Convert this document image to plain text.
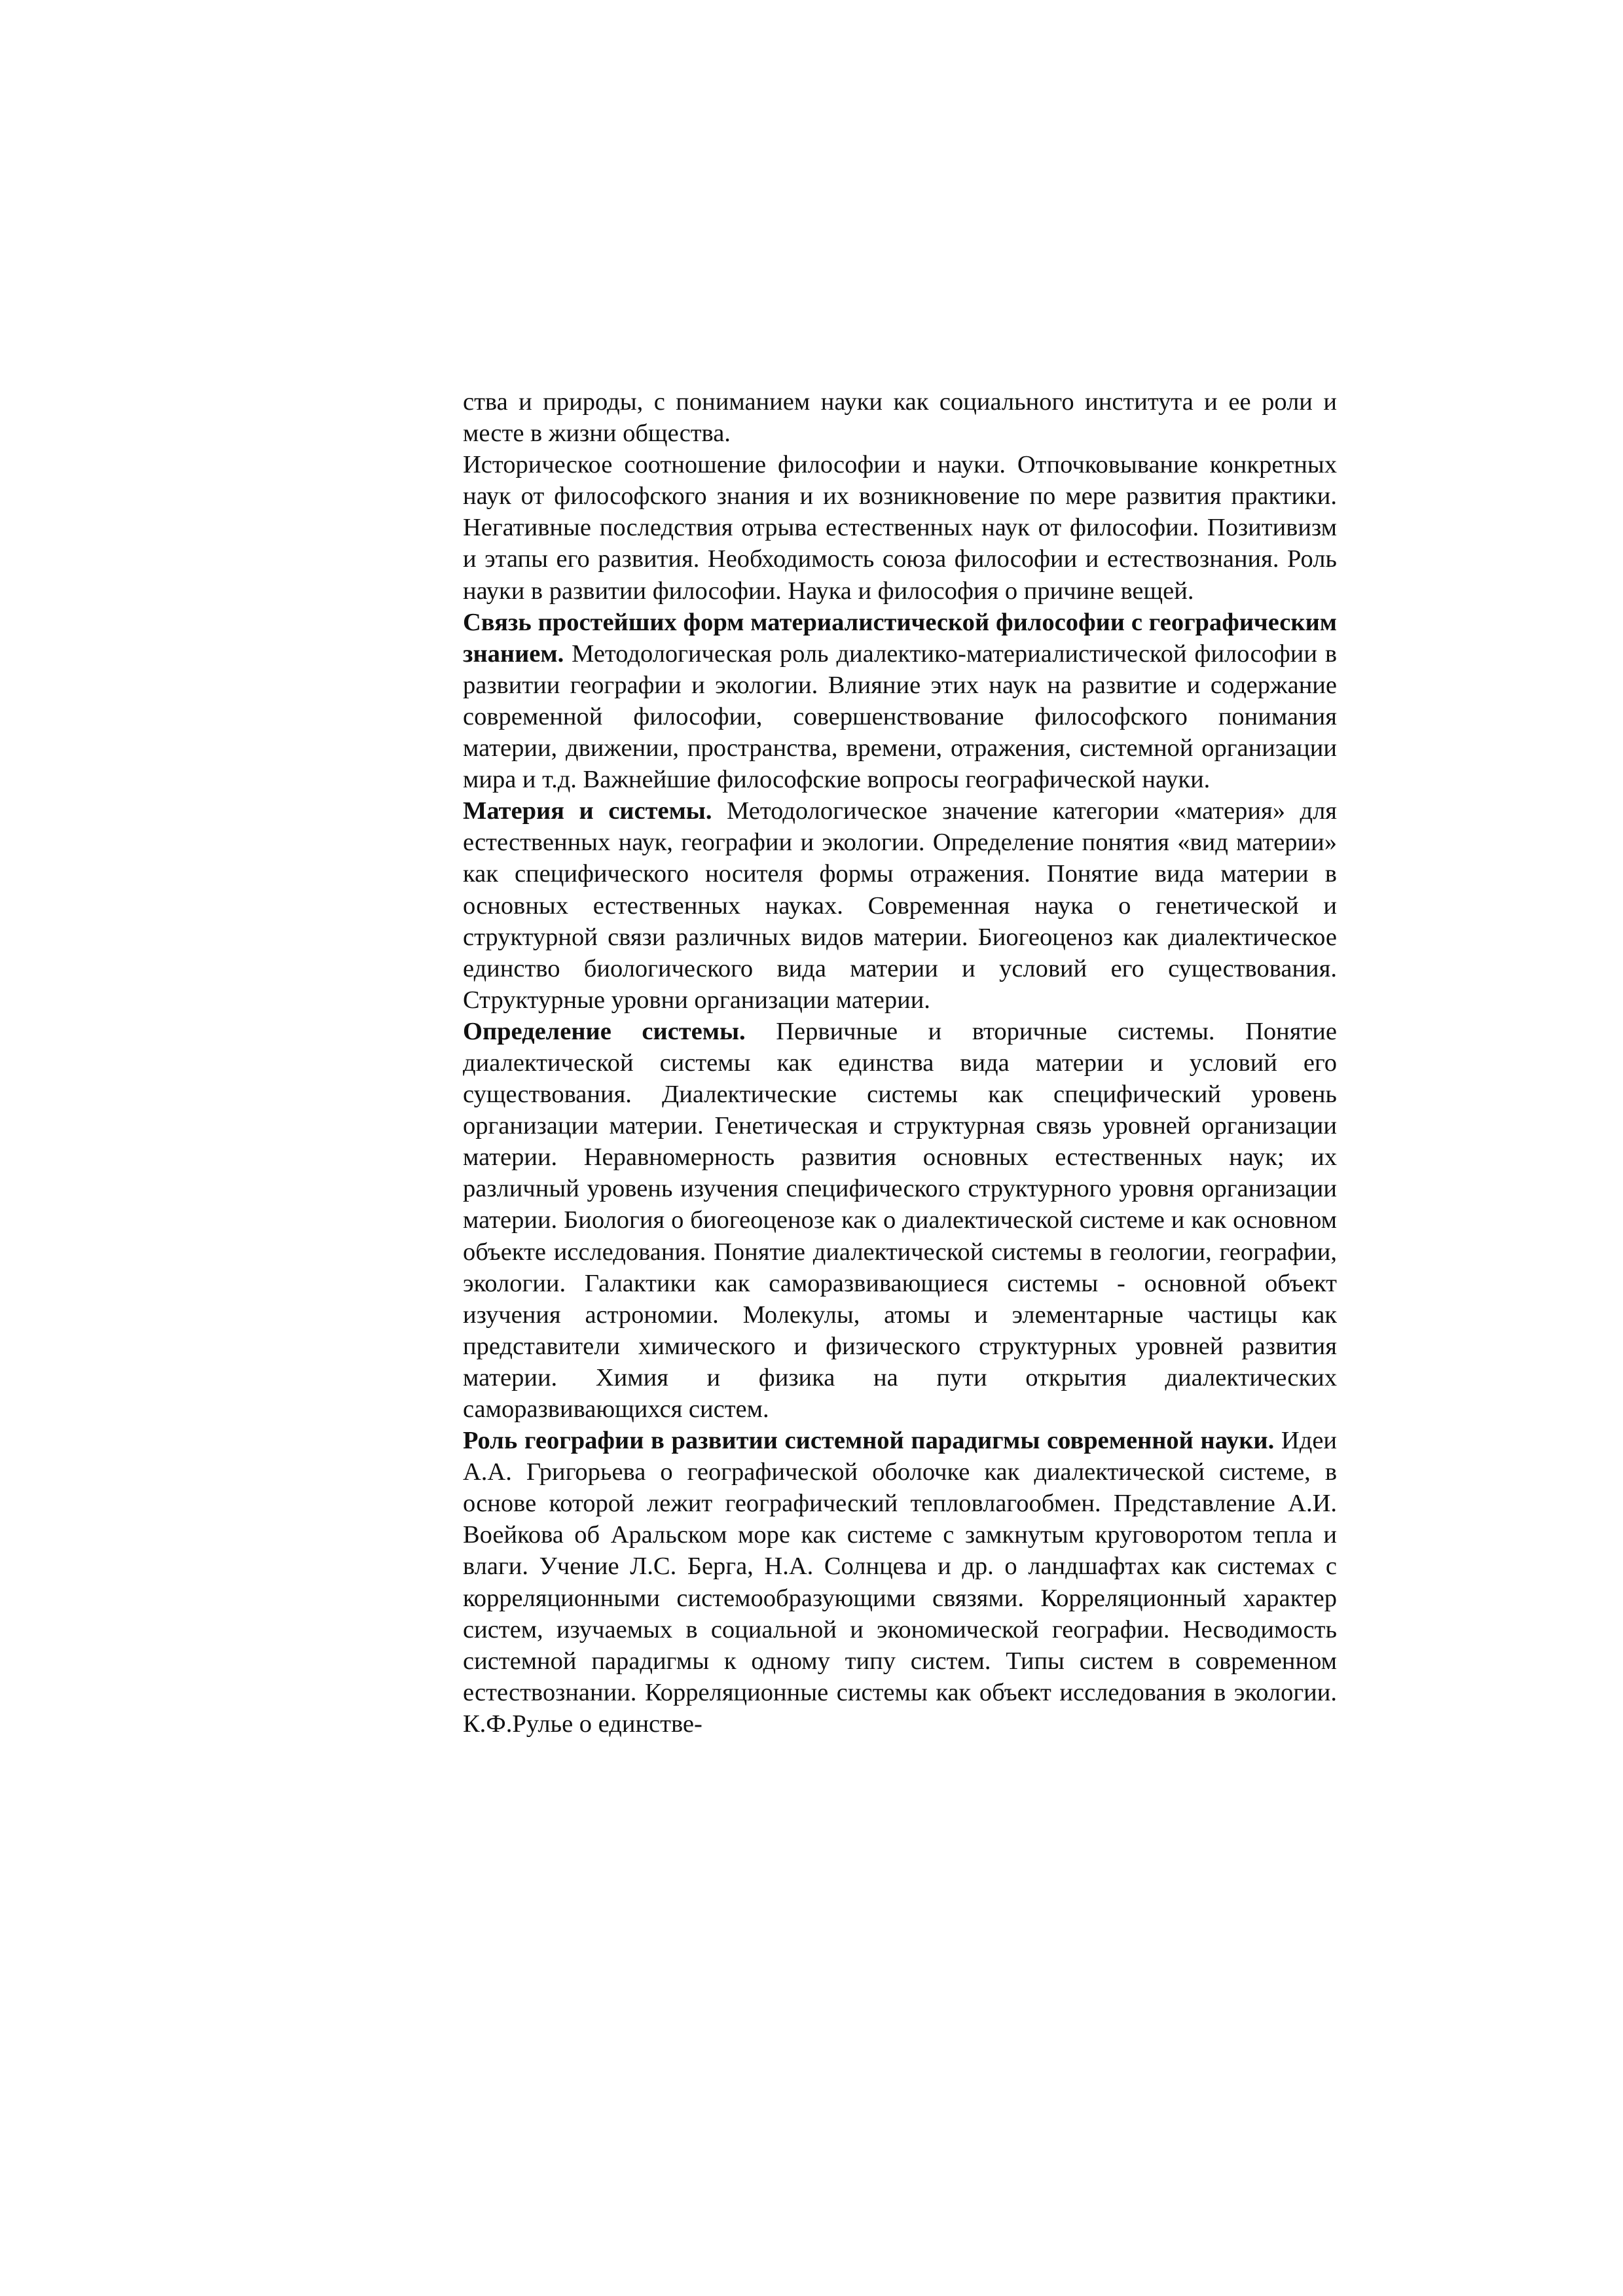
ства и природы, с пониманием науки как социального института и ее роли и месте в жизни общества.

Историческое соотношение философии и науки. Отпочковывание конкретных наук от философского знания и их возникновение по мере развития практики. Негативные последствия отрыва естественных наук от философии. Позитивизм и этапы его развития. Необходимость союза философии и естествознания. Роль науки в развитии философии. Наука и философия о причине вещей.

Связь простейших форм материалистической философии с географическим знанием. Методологическая роль диалектико-материалистической философии в развитии географии и экологии. Влияние этих наук на развитие и содержание современной философии, совершенствование философского понимания материи, движении, пространства, времени, отражения, системной организации мира и т.д. Важнейшие философские вопросы географической науки.

Материя и системы. Методологическое значение категории «материя» для естественных наук, географии и экологии. Определение понятия «вид материи» как специфического носителя формы отражения. Понятие вида материи в основных естественных науках. Современная наука о генетической и структурной связи различных видов материи. Биогеоценоз как диалектическое единство биологического вида материи и условий его существования. Структурные уровни организации материи.

Определение системы. Первичные и вторичные системы. Понятие диалектической системы как единства вида материи и условий его существования. Диалектические системы как специфический уровень организации материи. Генетическая и структурная связь уровней организации материи. Неравномерность развития основных естественных наук; их различный уровень изучения специфического структурного уровня организации материи. Биология о биогеоценозе как о диалектической системе и как основном объекте исследования. Понятие диалектической системы в геологии, географии, экологии. Галактики как саморазвивающиеся системы - основной объект изучения астрономии. Молекулы, атомы и элементарные частицы как представители химического и физического структурных уровней развития материи. Химия и физика на пути открытия диалектических саморазвивающихся систем.

Роль географии в развитии системной парадигмы современной науки. Идеи А.А. Григорьева о географической оболочке как диалектической системе, в основе которой лежит географический тепловлагообмен. Представление А.И. Воейкова об Аральском море как системе с замкнутым круговоротом тепла и влаги. Учение Л.С. Берга, Н.А. Солнцева и др. о ландшафтах как системах с корреляционными системообразующими связями. Корреляционный характер систем, изучаемых в социальной и экономической географии. Несводимость системной парадигмы к одному типу систем. Типы систем в современном естествознании. Корреляционные системы как объект исследования в экологии. К.Ф.Рулье о единстве-
